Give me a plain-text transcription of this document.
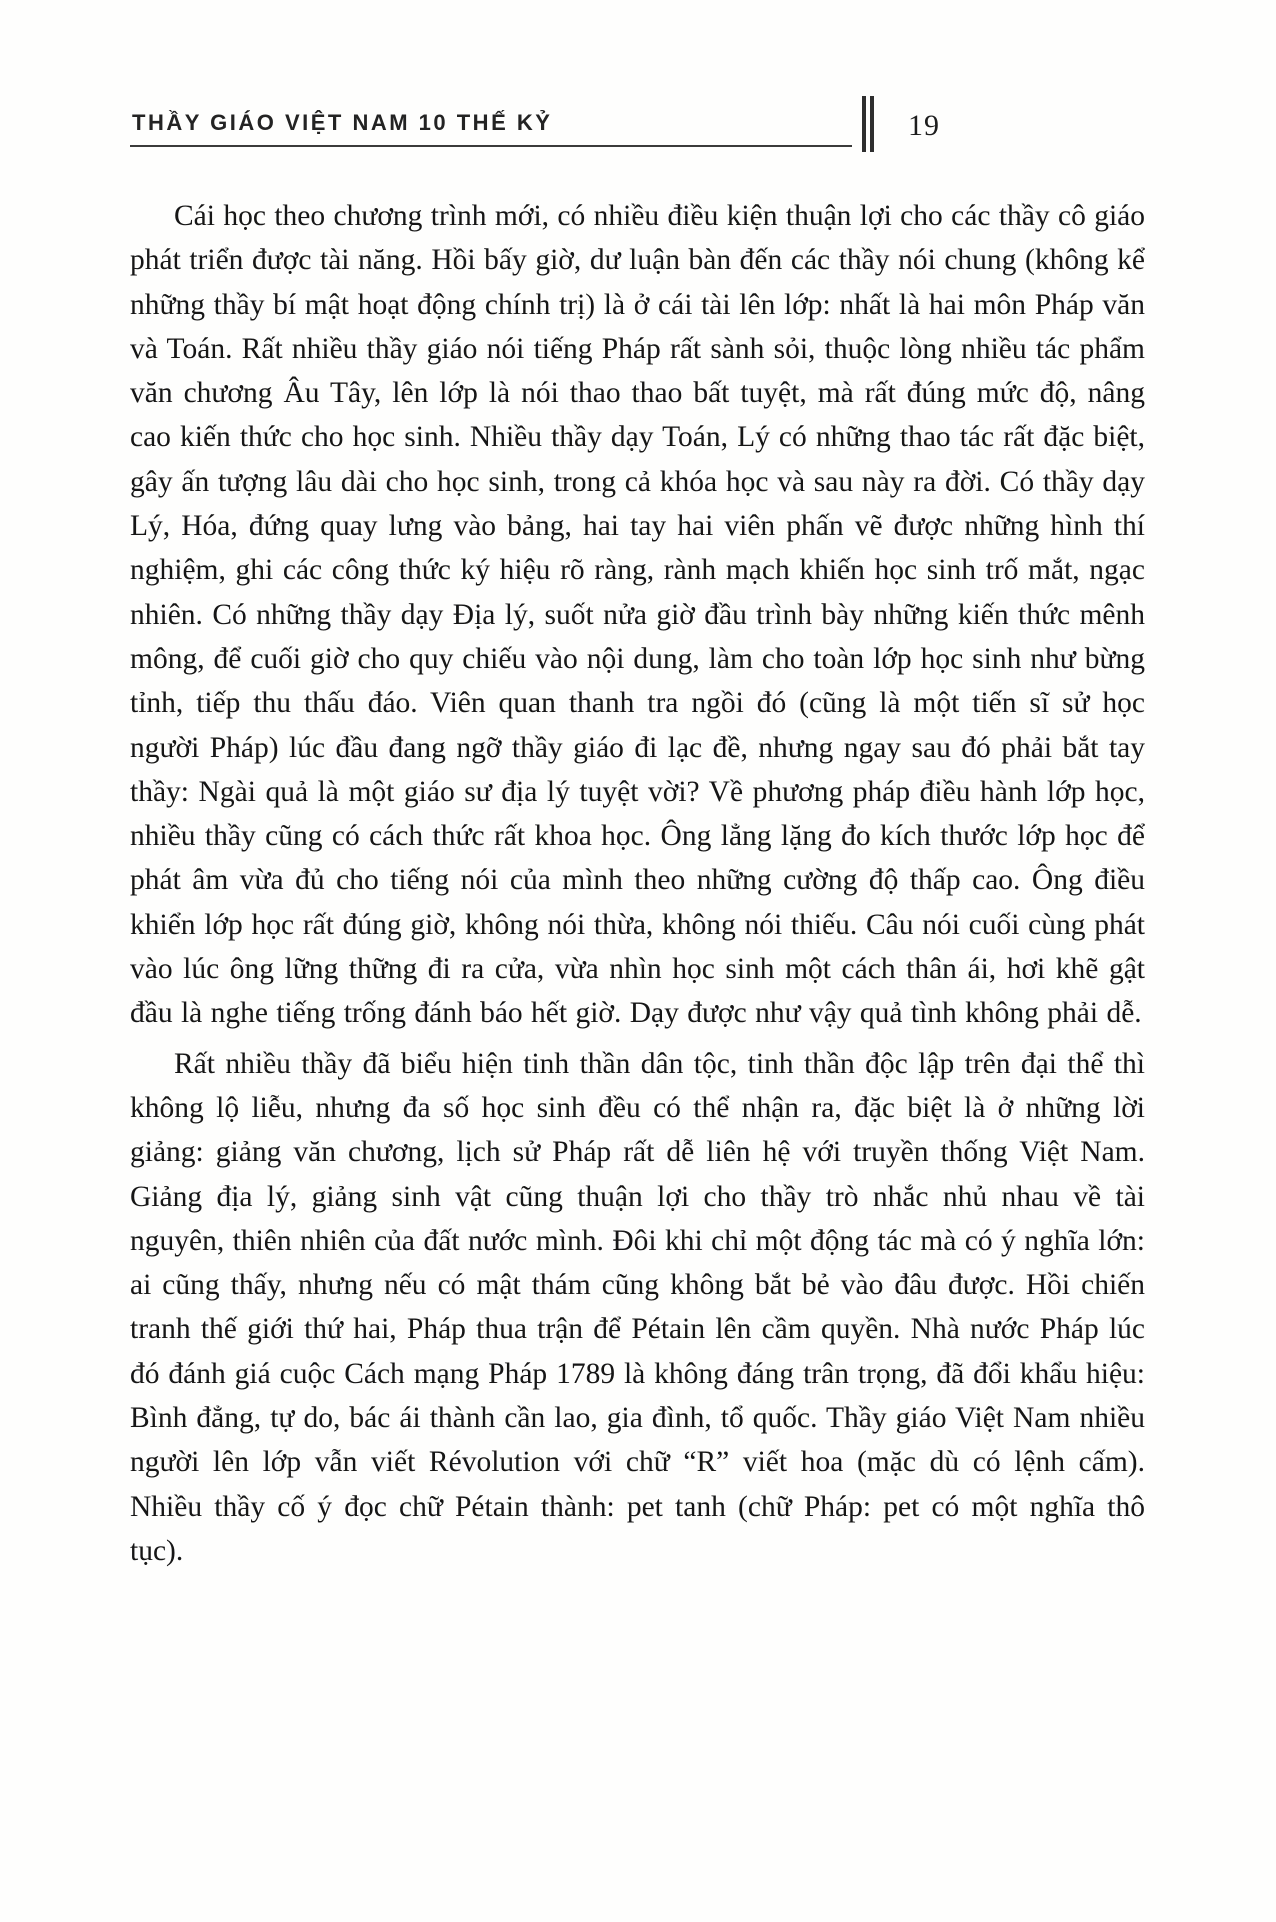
THẦY GIÁO VIỆT NAM 10 THẾ KỶ	19

Cái học theo chương trình mới, có nhiều điều kiện thuận lợi cho các thầy cô giáo phát triển được tài năng. Hồi bấy giờ, dư luận bàn đến các thầy nói chung (không kể những thầy bí mật hoạt động chính trị) là ở cái tài lên lớp: nhất là hai môn Pháp văn và Toán. Rất nhiều thầy giáo nói tiếng Pháp rất sành sỏi, thuộc lòng nhiều tác phẩm văn chương Âu Tây, lên lớp là nói thao thao bất tuyệt, mà rất đúng mức độ, nâng cao kiến thức cho học sinh. Nhiều thầy dạy Toán, Lý có những thao tác rất đặc biệt, gây ấn tượng lâu dài cho học sinh, trong cả khóa học và sau này ra đời. Có thầy dạy Lý, Hóa, đứng quay lưng vào bảng, hai tay hai viên phấn vẽ được những hình thí nghiệm, ghi các công thức ký hiệu rõ ràng, rành mạch khiến học sinh trố mắt, ngạc nhiên. Có những thầy dạy Địa lý, suốt nửa giờ đầu trình bày những kiến thức mênh mông, để cuối giờ cho quy chiếu vào nội dung, làm cho toàn lớp học sinh như bừng tỉnh, tiếp thu thấu đáo. Viên quan thanh tra ngồi đó (cũng là một tiến sĩ sử học người Pháp) lúc đầu đang ngỡ thầy giáo đi lạc đề, nhưng ngay sau đó phải bắt tay thầy: Ngài quả là một giáo sư địa lý tuyệt vời? Về phương pháp điều hành lớp học, nhiều thầy cũng có cách thức rất khoa học. Ông lẳng lặng đo kích thước lớp học để phát âm vừa đủ cho tiếng nói của mình theo những cường độ thấp cao. Ông điều khiển lớp học rất đúng giờ, không nói thừa, không nói thiếu. Câu nói cuối cùng phát vào lúc ông lững thững đi ra cửa, vừa nhìn học sinh một cách thân ái, hơi khẽ gật đầu là nghe tiếng trống đánh báo hết giờ. Dạy được như vậy quả tình không phải dễ.

Rất nhiều thầy đã biểu hiện tinh thần dân tộc, tinh thần độc lập trên đại thể thì không lộ liễu, nhưng đa số học sinh đều có thể nhận ra, đặc biệt là ở những lời giảng: giảng văn chương, lịch sử Pháp rất dễ liên hệ với truyền thống Việt Nam. Giảng địa lý, giảng sinh vật cũng thuận lợi cho thầy trò nhắc nhủ nhau về tài nguyên, thiên nhiên của đất nước mình. Đôi khi chỉ một động tác mà có ý nghĩa lớn: ai cũng thấy, nhưng nếu có mật thám cũng không bắt bẻ vào đâu được. Hồi chiến tranh thế giới thứ hai, Pháp thua trận để Pétain lên cầm quyền. Nhà nước Pháp lúc đó đánh giá cuộc Cách mạng Pháp 1789 là không đáng trân trọng, đã đổi khẩu hiệu: Bình đẳng, tự do, bác ái thành cần lao, gia đình, tổ quốc. Thầy giáo Việt Nam nhiều người lên lớp vẫn viết Révolution với chữ “R” viết hoa (mặc dù có lệnh cấm). Nhiều thầy cố ý đọc chữ Pétain thành: pet tanh (chữ Pháp: pet có một nghĩa thô tục).
